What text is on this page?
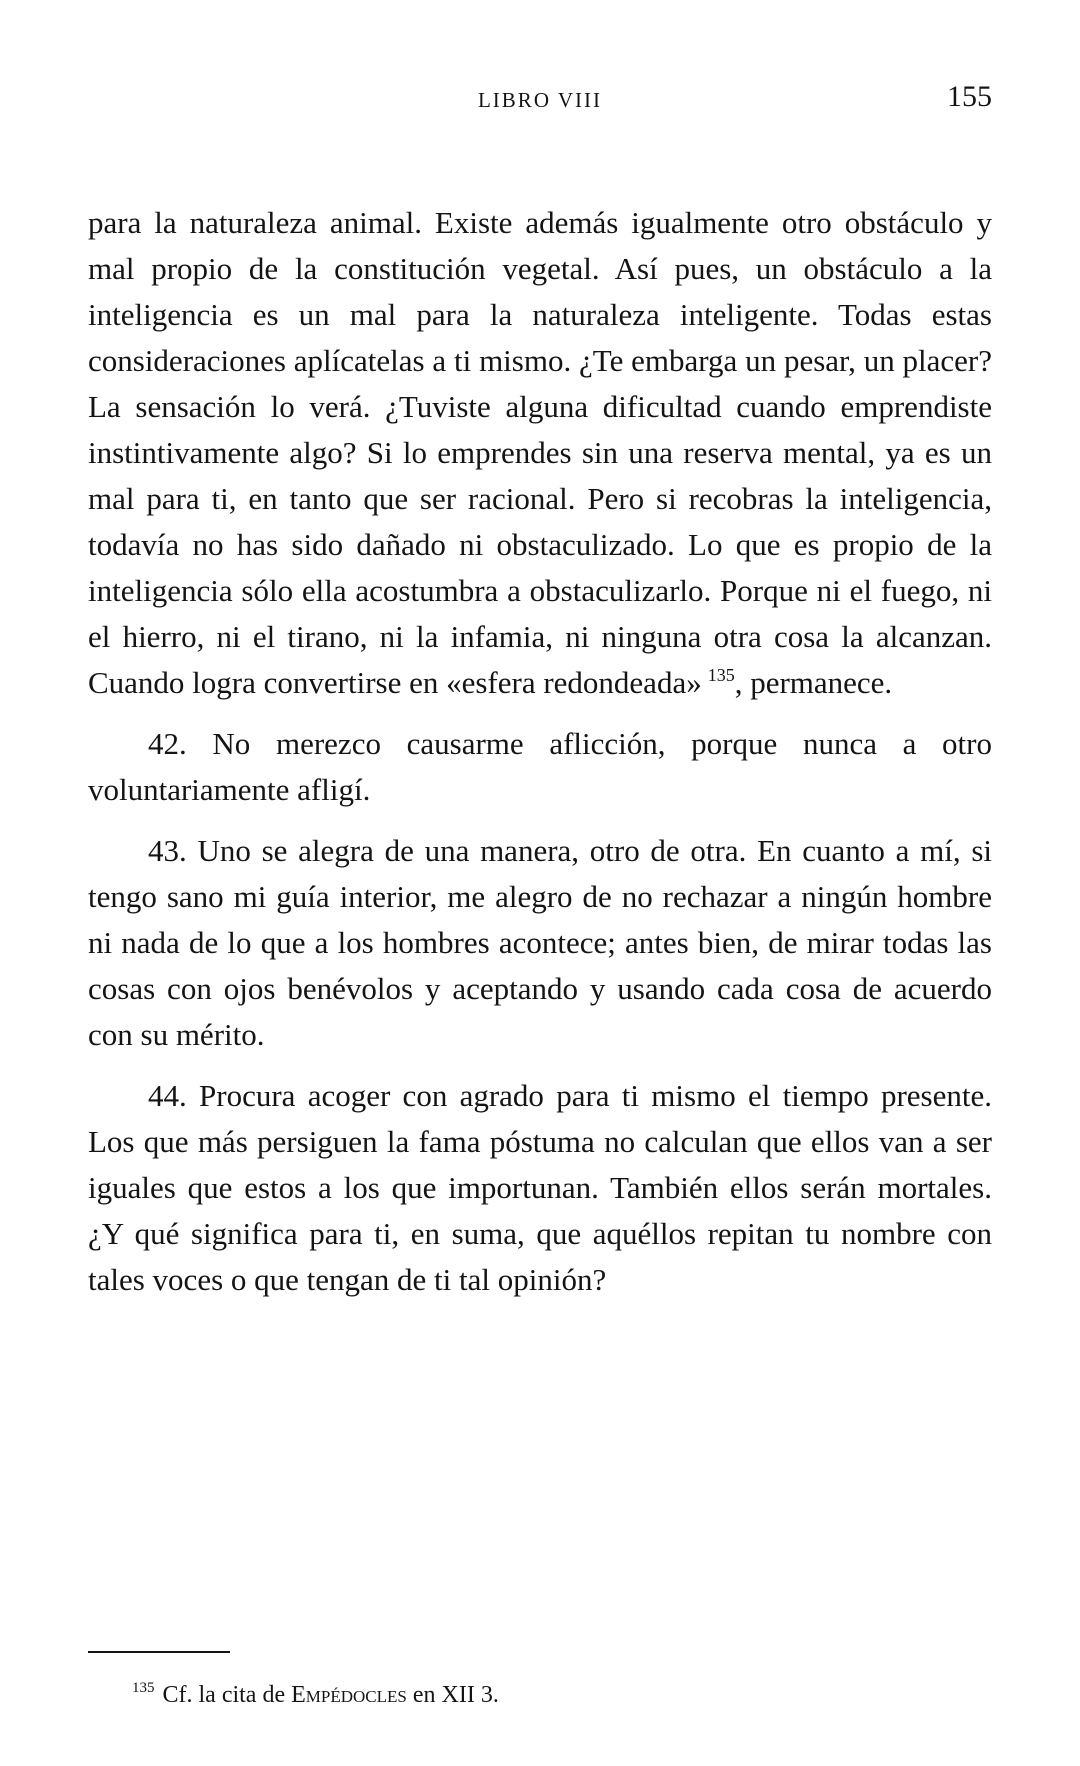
LIBRO VIII	155

para la naturaleza animal. Existe además igualmente otro obstáculo y mal propio de la constitución vegetal. Así pues, un obstáculo a la inteligencia es un mal para la naturaleza inteligente. Todas estas consideraciones aplícatelas a ti mismo. ¿Te embarga un pesar, un placer? La sensación lo verá. ¿Tuviste alguna dificultad cuando emprendiste instintivamente algo? Si lo emprendes sin una reserva mental, ya es un mal para ti, en tanto que ser racional. Pero si recobras la inteligencia, todavía no has sido dañado ni obstaculizado. Lo que es propio de la inteligencia sólo ella acostumbra a obstaculizarlo. Porque ni el fuego, ni el hierro, ni el tirano, ni la infamia, ni ninguna otra cosa la alcanzan. Cuando logra convertirse en «esfera redondeada» $^{135}$, permanece.

42. No merezco causarme aflicción, porque nunca a otro voluntariamente afligí.

43. Uno se alegra de una manera, otro de otra. En cuanto a mí, si tengo sano mi guía interior, me alegro de no rechazar a ningún hombre ni nada de lo que a los hombres acontece; antes bien, de mirar todas las cosas con ojos benévolos y aceptando y usando cada cosa de acuerdo con su mérito.

44. Procura acoger con agrado para ti mismo el tiempo presente. Los que más persiguen la fama póstuma no calculan que ellos van a ser iguales que estos a los que importunan. También ellos serán mortales. ¿Y qué significa para ti, en suma, que aquéllos repitan tu nombre con tales voces o que tengan de ti tal opinión?

$^{135}$ Cf. la cita de Empédocles en XII 3.
